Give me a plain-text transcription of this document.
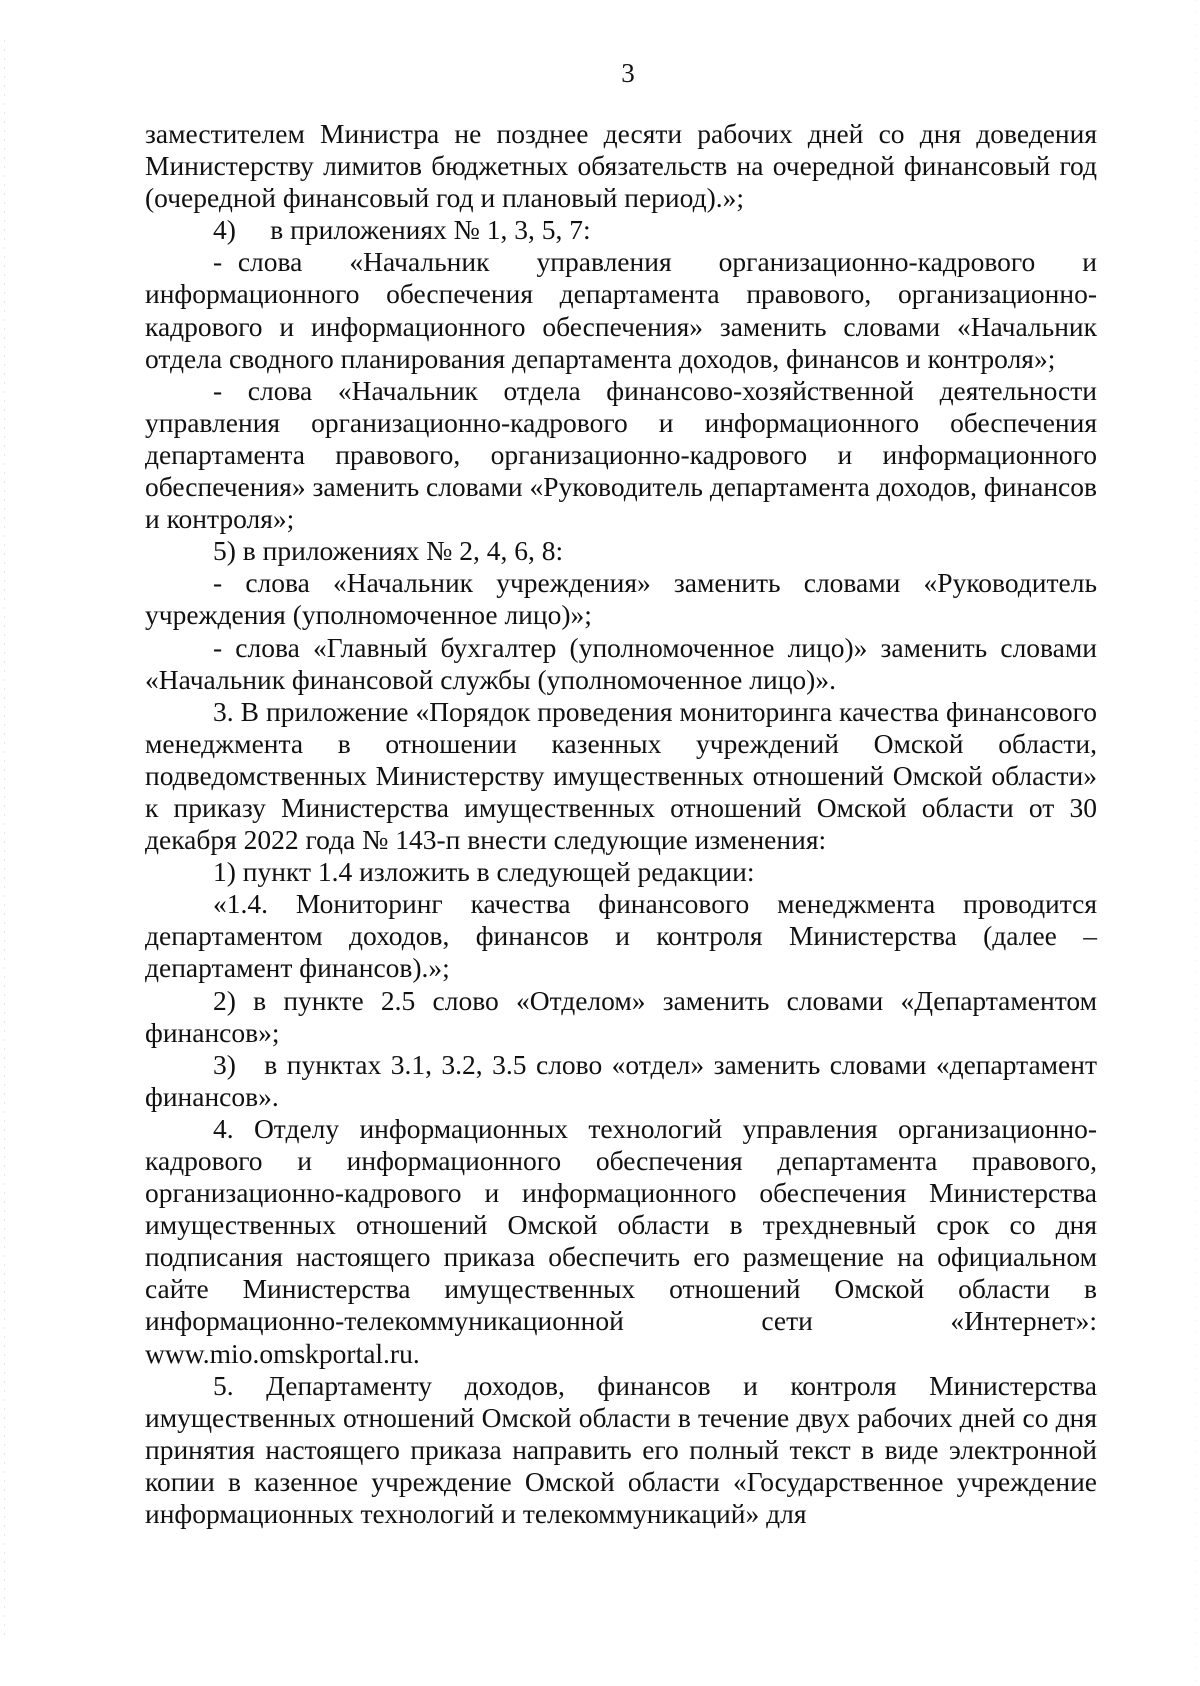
3

заместителем Министра не позднее десяти рабочих дней со дня доведения Министерству лимитов бюджетных обязательств на очередной финансовый год (очередной финансовый год и плановый период).»;

4)     в приложениях № 1, 3, 5, 7:

- слова   «Начальник   управления   организационно-кадрового   и информационного обеспечения департамента правового, организационно-кадрового и информационного обеспечения» заменить словами «Начальник отдела сводного планирования департамента доходов, финансов и контроля»;

- слова «Начальник отдела финансово-хозяйственной деятельности управления организационно-кадрового и информационного обеспечения департамента правового, организационно-кадрового и информационного обеспечения» заменить словами «Руководитель департамента доходов, финансов и контроля»;

5) в приложениях № 2, 4, 6, 8:

- слова «Начальник учреждения» заменить словами «Руководитель учреждения (уполномоченное лицо)»;

- слова «Главный бухгалтер (уполномоченное лицо)» заменить словами «Начальник финансовой службы (уполномоченное лицо)».

3. В приложение «Порядок проведения мониторинга качества финансового менеджмента в отношении казенных учреждений Омской области, подведомственных Министерству имущественных отношений Омской области» к приказу Министерства имущественных отношений Омской области от 30 декабря 2022 года № 143-п внести следующие изменения:

1) пункт 1.4 изложить в следующей редакции:

«1.4. Мониторинг качества финансового менеджмента проводится департаментом доходов, финансов и контроля Министерства (далее – департамент финансов).»;

2) в пункте 2.5 слово «Отделом» заменить словами «Департаментом финансов»;

3)   в пунктах 3.1, 3.2, 3.5 слово «отдел» заменить словами «департамент финансов».

4. Отделу информационных технологий управления организационно-кадрового и информационного обеспечения департамента правового, организационно-кадрового и информационного обеспечения Министерства имущественных отношений Омской области в трехдневный срок со дня подписания настоящего приказа обеспечить его размещение на официальном сайте Министерства имущественных отношений Омской области в информационно-телекоммуникационной сети «Интернет»: www.mio.omskportal.ru.

5. Департаменту доходов, финансов и контроля Министерства имущественных отношений Омской области в течение двух рабочих дней со дня принятия настоящего приказа направить его полный текст в виде электронной копии в казенное учреждение Омской области «Государственное учреждение информационных технологий и телекоммуникаций» для
